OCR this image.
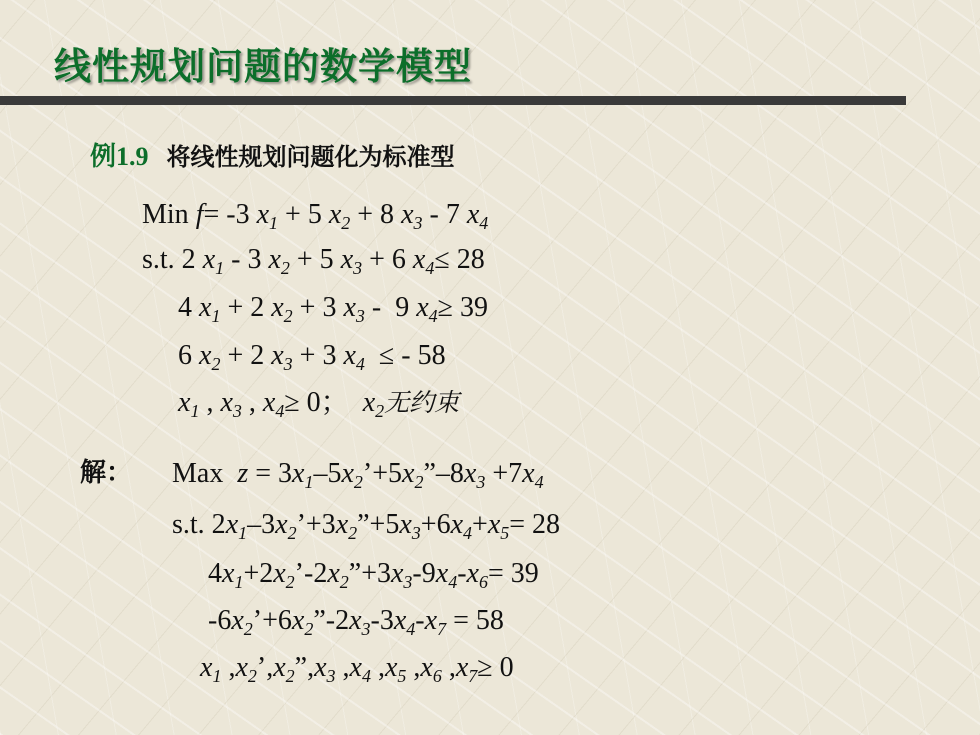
线性规划问题的数学模型
例1.9 将线性规划问题化为标准型
Min f= -3 $x_1 + 5$ $x_2 + 8$ $x_3 - 7$ $x_4$
s.t. 2 $x_1 - 3$ $x_2 + 5$ $x_3 + 6$ $x_4\le 28$
4 $x_1 + 2$ $x_2 + 3$ $x_3 - 9$ $x_4\ge 39$
6 $x_2 + 2$ $x_3 + 3$ $x_4$  ≤ - 58
$x_1$ , $x_3$ , $x_4\ge 0$；  $x_2$无约束
解： Max  $z = 3x_1-5x_2’+5x_2”-8x_3 +7x_4$
s.t. $2x_1-3x_2’+3x_2”+5x_3+6x_4+x_5= 28$
$4x_1+2x_2’-2x_2”+3x_3-9x_4-x_6= 39$
$-6x_2’+6x_2”-2x_3-3x_4-x_7 = 58$
$x_1$ $,x_2’,x_2”,x_3$ $,x_4$ $,x_5$ $,x_6$ $,x_7\ge 0$
